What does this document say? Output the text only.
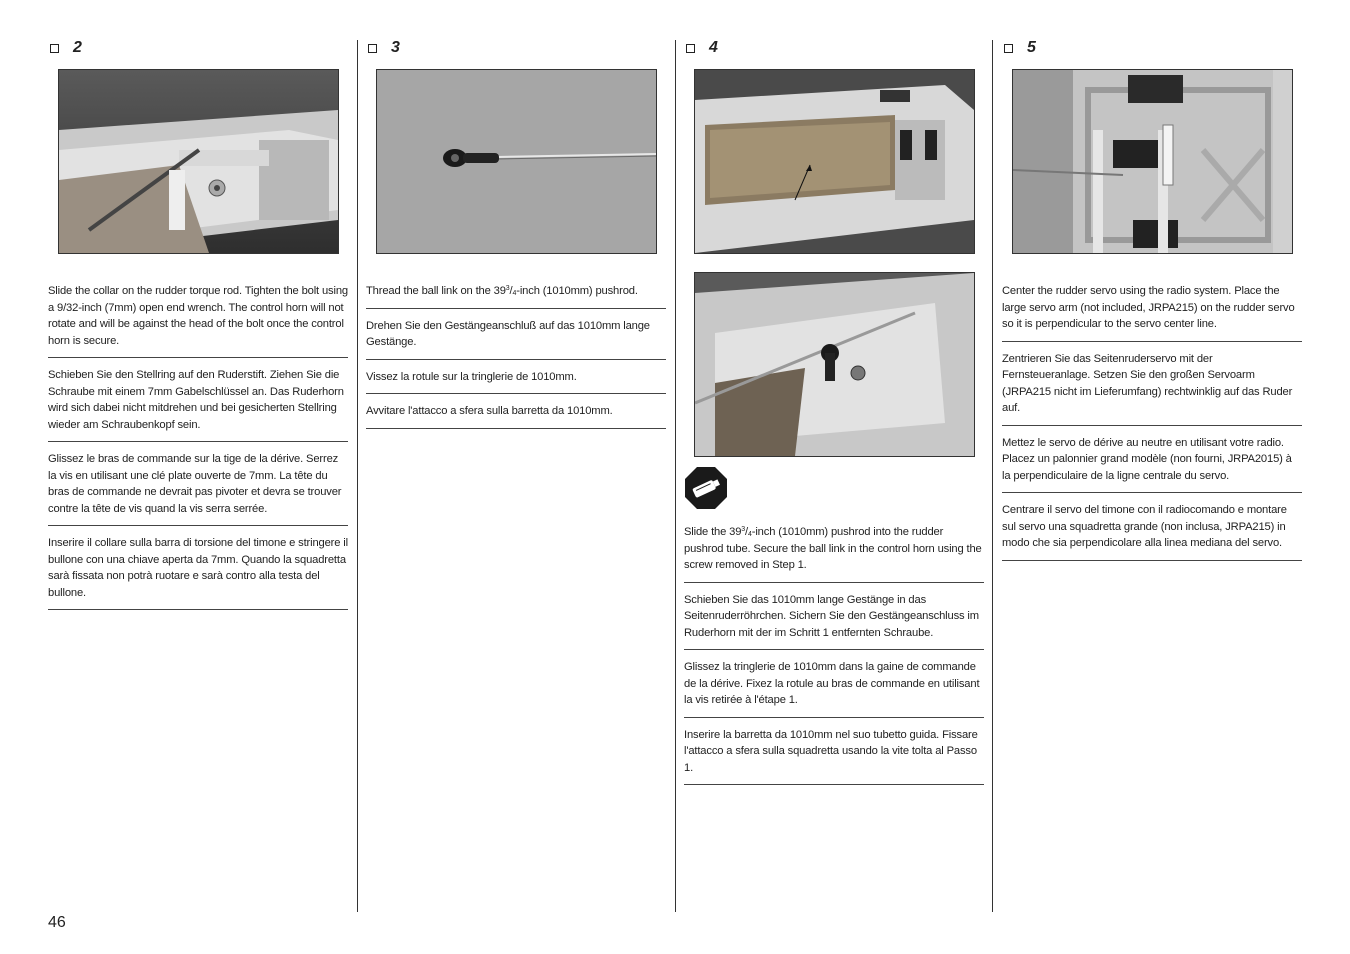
2
Slide the collar on the rudder torque rod. Tighten the bolt using a 9/32-inch (7mm) open end wrench. The control horn will not rotate and will be against the head of the bolt once the control horn is secure.
Schieben Sie den Stellring auf den Ruderstift. Ziehen Sie die Schraube mit einem 7mm Gabelschlüssel an. Das Ruderhorn wird sich dabei nicht mitdrehen und bei gesicherten Stellring wieder am Schraubenkopf sein.
Glissez le bras de commande sur la tige de la dérive. Serrez la vis en utilisant une clé plate ouverte de 7mm. La tête du bras de commande ne devrait pas pivoter et devra se trouver contre la tête de vis quand la vis serra serrée.
Inserire il collare sulla barra di torsione del timone e stringere il bullone con una chiave aperta da 7mm. Quando la squadretta sarà fissata non potrà ruotare e sarà contro alla testa del bullone.
3
Thread the ball link on the $39^3/_4$-inch (1010mm) pushrod.
Drehen Sie den Gestängeanschluß auf das 1010mm lange Gestänge.
Vissez la rotule sur la tringlerie de 1010mm.
Avvitare l'attacco a sfera sulla barretta da 1010mm.
4
Slide the $39^3/_4$-inch (1010mm) pushrod into the rudder pushrod tube. Secure the ball link in the control horn using the screw removed in Step 1.
Schieben Sie das 1010mm lange Gestänge in das Seitenruderröhrchen. Sichern Sie den Gestängeanschluss im Ruderhorn mit der im Schritt 1 entfernten Schraube.
Glissez la tringlerie de 1010mm dans la gaine de commande de la dérive. Fixez la rotule au bras de commande en utilisant la vis retirée à l'étape 1.
Inserire la barretta da 1010mm nel suo tubetto guida. Fissare l'attacco a sfera sulla squadretta usando la vite tolta al Passo 1.
5
Center the rudder servo using the radio system. Place the large servo arm (not included, JRPA215) on the rudder servo so it is perpendicular to the servo center line.
Zentrieren Sie das Seitenruderservo mit der Fernsteueranlage. Setzen Sie den großen Servoarm (JRPA215 nicht im Lieferumfang) rechtwinklig auf das Ruder auf.
Mettez le servo de dérive au neutre en utilisant votre radio. Placez un palonnier grand modèle (non fourni, JRPA2015) à la perpendiculaire de la ligne centrale du servo.
Centrare il servo del timone con il radiocomando e montare sul servo una squadretta grande (non inclusa, JRPA215) in modo che sia perpendicolare alla linea mediana del servo.
46
